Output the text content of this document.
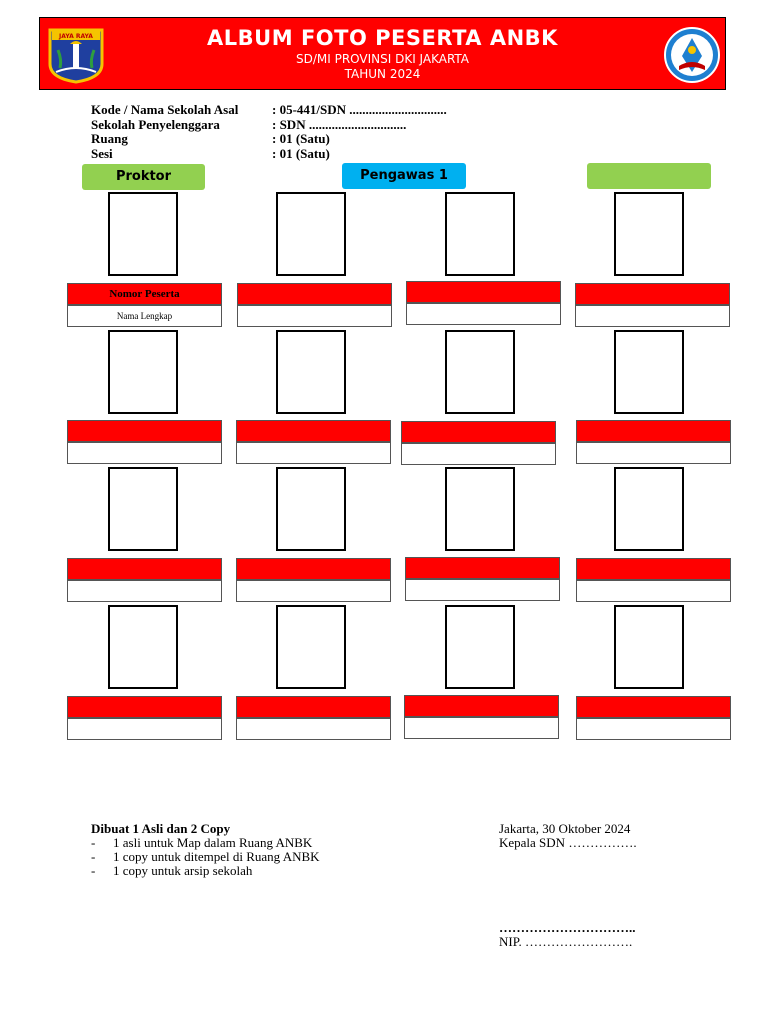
JAYA RAYA	ALBUM FOTO PESERTA ANBK
SD/MI PROVINSI DKI JAKARTA
TAHUN 2024
Kode / Nama Sekolah Asal	: 05-441/SDN ..............................
Sekolah Penyelenggara	: SDN ..............................
Ruang	: 01 (Satu)
Sesi	: 01 (Satu)
Proktor	Pengawas 1
Nomor Peserta
Nama Lengkap
Dibuat 1 Asli dan 2 Copy
-	1 asli untuk Map dalam Ruang ANBK
-	1 copy untuk ditempel di Ruang ANBK
-	1 copy untuk arsip sekolah
Jakarta, 30 Oktober 2024
Kepala SDN …………….
…………………………..
NIP. …………………….
